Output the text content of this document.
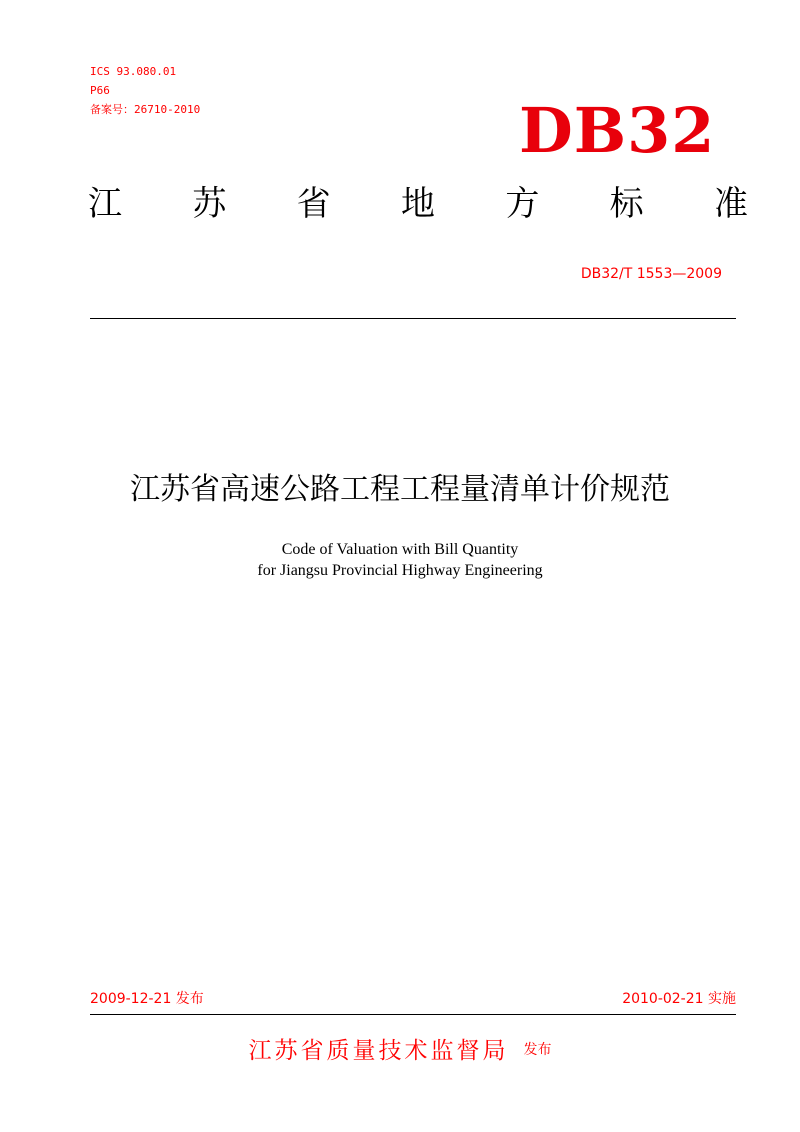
ICS 93.080.01
P66
备案号：26710-2010	DB32
江 苏 省 地 方 标 准
DB32/T 1553—2009
江苏省高速公路工程工程量清单计价规范
Code of Valuation with Bill Quantity
for Jiangsu Provincial Highway Engineering
2009-12-21 发布	2010-02-21 实施
江苏省质量技术监督局 发布
